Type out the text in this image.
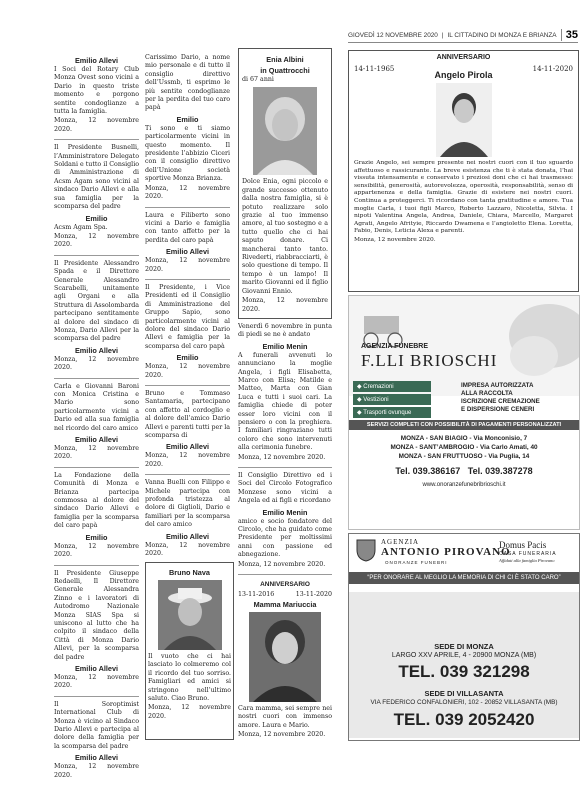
GIOVEDÌ 12 NOVEMBRE 2020 | IL CITTADINO DI MONZA E BRIANZA 35
Emilio Allevi

I Soci del Rotary Club Monza Ovest sono vicini a Dario in questo triste momento e porgono sentite condoglianze a tutta la famiglia.

Monza, 12 novembre 2020.

Il Presidente Busnelli, l’Amministratore Delegato Soldani e tutto il Consiglio di Amministrazione di Acsm Agam sono vicini al sindaco Dario Allevi e alla sua famiglia per la scomparsa del padre

Emilio

Acsm Agam Spa.

Monza, 12 novembre 2020.

Il Presidente Alessandro Spada e il Direttore Generale Alessandro Scarabelli, unitamente agli Organi e alla Struttura di Assolombarda partecipano sentitamente al dolore del sindaco di Monza, Dario Allevi per la scomparsa del padre

Emilio Allevi

Monza, 12 novembre 2020.

Carla e Giovanni Baroni con Monica Cristina e Mario sono particolarmente vicini a Dario ed alla sua famiglia nel ricordo del caro amico

Emilio Allevi

Monza, 12 novembre 2020.

La Fondazione della Comunità di Monza e Brianza partecipa commossa al dolore del sindaco Dario Allevi e famiglia per la scomparsa del caro papà

Emilio

Monza, 12 novembre 2020.

Il Presidente Giuseppe Redaelli, Il Direttore Generale Alessandra Zinno e i lavoratori di Autodromo Nazionale Monza SIAS Spa si uniscono al lutto che ha colpito il sindaco della Città di Monza Dario Allevi, per la scomparsa del padre

Emilio Allevi

Monza, 12 novembre 2020.

Il Soroptimist International Club di Monza è vicino al Sindaco Dario Allevi e partecipa al dolore della famiglia per la scomparsa del padre

Emilio Allevi

Monza, 12 novembre 2020.

Carissimo Dario, a nome mio personale e di tutto il consiglio direttivo dell’Ussmb, ti esprimo le più sentite condoglianze per la perdita del tuo caro papà

Emilio

Ti sono e ti siamo particolarmente vicini in questo momento. Il presidente l’abbizio Ciceri con il consiglio direttivo dell’Unione società sportive Monza Brianza.

Monza, 12 novembre 2020.

Laura e Filiberto sono vicini a Dario e famiglia con tanto affetto per la perdita del caro papà

Emilio Allevi

Monza, 12 novembre 2020.

Il Presidente, i Vice Presidenti ed il Consiglio di Amministrazione del Gruppo Sapio, sono particolarmente vicini al dolore del sindaco Dario Allevi e famiglia per la scomparsa del caro papà

Emilio

Monza, 12 novembre 2020.

Bruno e Tommaso Santamaria, partecipano con affetto al cordoglio e al dolore dell’amico Dario Allevi e parenti tutti per la scomparsa di

Emilio Allevi

Monza, 12 novembre 2020.

Vanna Buelli con Filippo e Michele partecipa con profonda tristezza al dolore di Giglioli, Dario e familiari per la scomparsa del caro amico

Emilio Allevi

Monza, 12 novembre 2020.

Bruno Nava

Il vuoto che ci hai lasciato lo colmeremo col il ricordo del tuo sorriso. Famigliari ed amici si stringono nell’ultimo saluto. Ciao Bruno.

Monza, 12 novembre 2020.

Enia Albini
in Quattrocchi

di 67 anni

Dolce Enia, ogni piccolo e grande successo ottenuto dalla nostra famiglia, si è potuto realizzare solo grazie al tuo immenso amore, al tuo sostegno e a tutto quello che ci hai saputo donare. Ci mancherai tanto tanto. Rivederti, riabbracciarti, è solo questione di tempo. Il tempo è un lampo! Il marito Giovanni ed il figlio Giovanni Ennio.

Monza, 12 novembre 2020.

Venerdì 6 novembre in punta di piedi se ne è andato

Emilio Menin

A funerali avvenuti lo annunciano la moglie Angela, i figli Elisabetta, Marco con Elisa; Matilde e Matteo, Marta con Gian Luca e tutti i suoi cari. La famiglia chiede di poter esser loro vicini con il pensiero o con la preghiera. I familiari ringraziano tutti coloro che sono intervenuti alla cerimonia funebre.

Monza, 12 novembre 2020.

Il Consiglio Direttivo ed i Soci del Circolo Fotografico Monzese sono vicini a Angela ed ai figli e ricordano

Emilio Menin

amico e socio fondatore del Circolo, che ha guidato come Presidente per moltissimi anni con passione ed abnegazione.

Monza, 12 novembre 2020.

ANNIVERSARIO
13-11-2016	13-11-2020
Mamma Mariuccia

Cara mamma, sei sempre nei nostri cuori con immenso amore. Laura e Mario.

Monza, 12 novembre 2020.

ANNIVERSARIO
14-11-1965	14-11-2020
Angelo Pirola

Grazie Angelo, sei sempre presente nei nostri cuori con il tuo sguardo affettuoso e rassicurante. La breve esistenza che ti è stata donata, l’hai vissuta intensamente e conservato i preziosi doni che ci hai trasmesso: sensibilità, generosità, autorevolezza, operosità, responsabilità, senso di appartenenza e della famiglia. Grazie di esistere nei nostri cuori. Continua a proteggerci. Ti ricordano con tanta gratitudine e amore. Tua moglie Carla, i tuoi figli Marco, Roberto Lazzaro, Nicoletta, Silvia. I nipoti Valentina Angela, Andrea, Daniele, Chiara, Marcello, Margaret Agrati, Angelo Afrityie, Riccardo Dwamena e l’angioletto Elena. Loretta, Fabio, Denis, Leticia Alexa e parenti.

Monza, 12 novembre 2020.

AGENZIA FUNEBRE
F.LLI BRIOSCHI
◆ Cremazioni
◆ Vestizioni
◆ Trasporti ovunque
IMPRESA AUTORIZZATA
ALLA RACCOLTA
ISCRIZIONE CREMAZIONE
E DISPERSIONE CENERI
SERVIZI COMPLETI CON POSSIBILITÀ DI PAGAMENTI PERSONALIZZATI
MONZA - SAN BIAGIO - Via Monconisio, 7
MONZA - SANT’AMBROGIO - Via Carlo Amati, 40
MONZA - SAN FRUTTUOSO - Via Puglia, 14
Tel. 039.386167 Tel. 039.387278
www.onoranzefunebribrioschi.it
AGENZIA
ANTONIO PIROVANO
ONORANZE FUNEBRI
Domus Pacis
CASA FUNERARIA
Affidati alla famiglia Pirovano
“PER ONORARE AL MEGLIO LA MEMORIA DI CHI CI È STATO CARO”
SEDE DI MONZA
LARGO XXV APRILE, 4 - 20900 MONZA (MB)
TEL. 039 321298
SEDE DI VILLASANTA
VIA FEDERICO CONFALONIERI, 102 - 20852 VILLASANTA (MB)
TEL. 039 2052420
